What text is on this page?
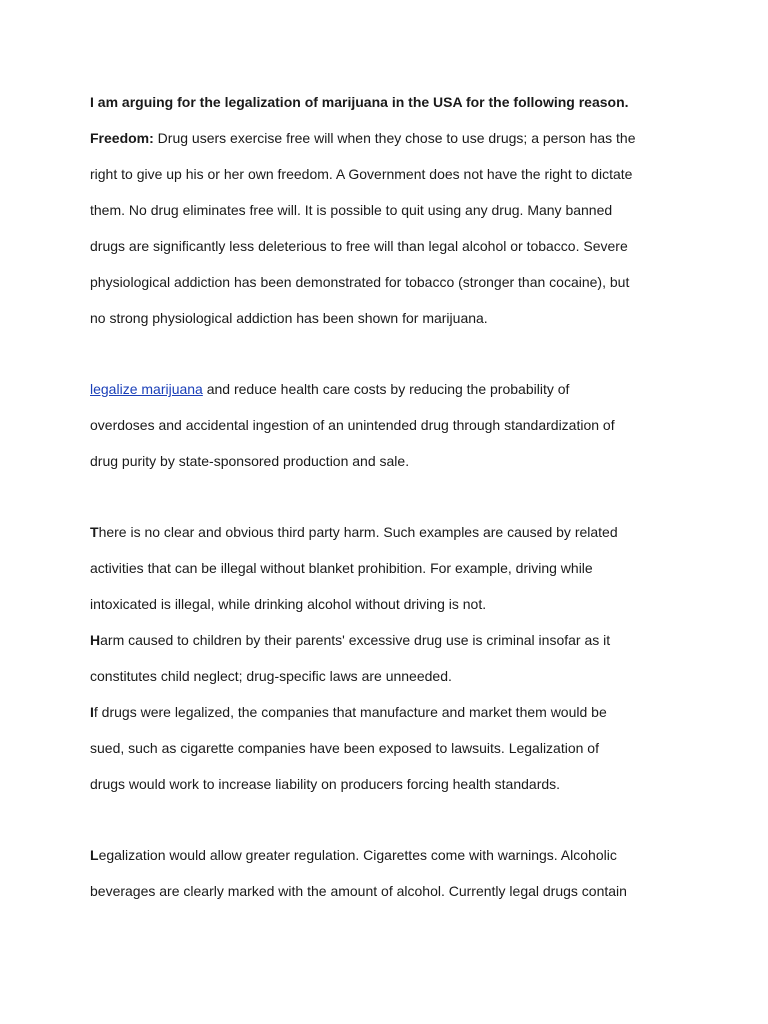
I am arguing for the legalization of marijuana in the USA for the following reason.
Freedom: Drug users exercise free will when they chose to use drugs; a person has the
right to give up his or her own freedom. A Government does not have the right to dictate
them. No drug eliminates free will. It is possible to quit using any drug. Many banned
drugs are significantly less deleterious to free will than legal alcohol or tobacco. Severe
physiological addiction has been demonstrated for tobacco (stronger than cocaine), but
no strong physiological addiction has been shown for marijuana.
legalize marijuana and reduce health care costs by reducing the probability of
overdoses and accidental ingestion of an unintended drug through standardization of
drug purity by state-sponsored production and sale.
There is no clear and obvious third party harm. Such examples are caused by related
activities that can be illegal without blanket prohibition. For example, driving while
intoxicated is illegal, while drinking alcohol without driving is not.
Harm caused to children by their parents' excessive drug use is criminal insofar as it
constitutes child neglect; drug-specific laws are unneeded.
If drugs were legalized, the companies that manufacture and market them would be
sued, such as cigarette companies have been exposed to lawsuits. Legalization of
drugs would work to increase liability on producers forcing health standards.
Legalization would allow greater regulation. Cigarettes come with warnings. Alcoholic
beverages are clearly marked with the amount of alcohol. Currently legal drugs contain
